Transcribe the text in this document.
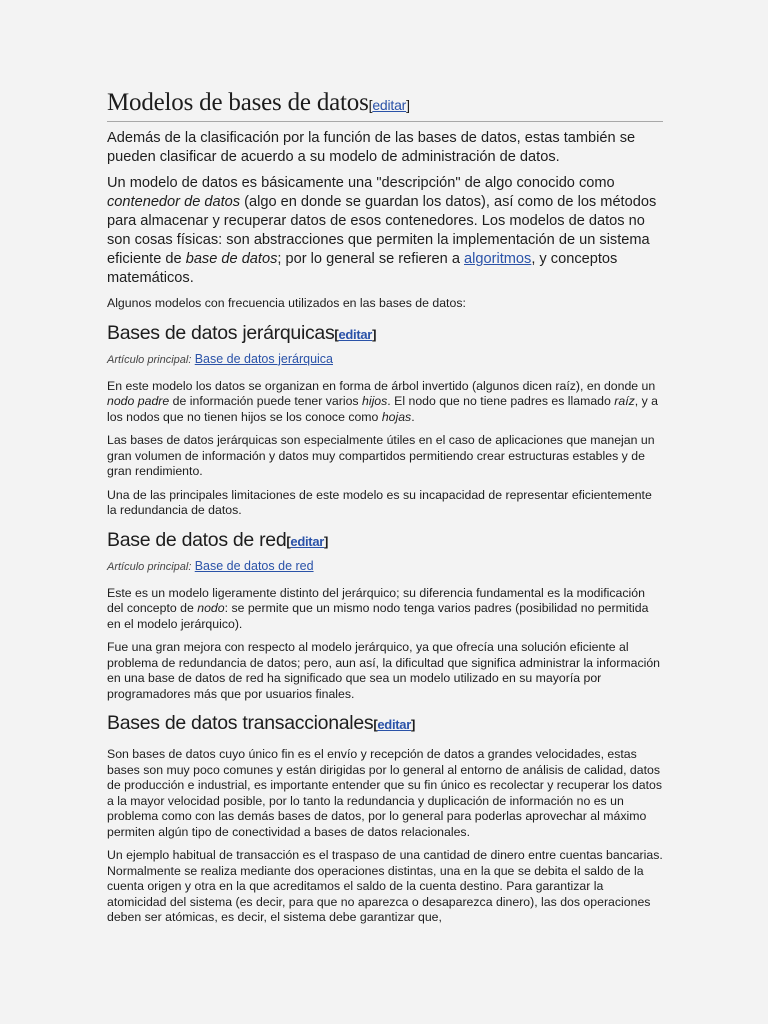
Modelos de bases de datos[editar]

Además de la clasificación por la función de las bases de datos, estas también se pueden clasificar de acuerdo a su modelo de administración de datos.

Un modelo de datos es básicamente una "descripción" de algo conocido como contenedor de datos (algo en donde se guardan los datos), así como de los métodos para almacenar y recuperar datos de esos contenedores. Los modelos de datos no son cosas físicas: son abstracciones que permiten la implementación de un sistema eficiente de base de datos; por lo general se refieren a algoritmos, y conceptos matemáticos.

Algunos modelos con frecuencia utilizados en las bases de datos:

Bases de datos jerárquicas[editar]

Artículo principal: Base de datos jerárquica

En este modelo los datos se organizan en forma de árbol invertido (algunos dicen raíz), en donde un nodo padre de información puede tener varios hijos. El nodo que no tiene padres es llamado raíz, y a los nodos que no tienen hijos se los conoce como hojas.

Las bases de datos jerárquicas son especialmente útiles en el caso de aplicaciones que manejan un gran volumen de información y datos muy compartidos permitiendo crear estructuras estables y de gran rendimiento.

Una de las principales limitaciones de este modelo es su incapacidad de representar eficientemente la redundancia de datos.

Base de datos de red[editar]

Artículo principal: Base de datos de red

Este es un modelo ligeramente distinto del jerárquico; su diferencia fundamental es la modificación del concepto de nodo: se permite que un mismo nodo tenga varios padres (posibilidad no permitida en el modelo jerárquico).

Fue una gran mejora con respecto al modelo jerárquico, ya que ofrecía una solución eficiente al problema de redundancia de datos; pero, aun así, la dificultad que significa administrar la información en una base de datos de red ha significado que sea un modelo utilizado en su mayoría por programadores más que por usuarios finales.

Bases de datos transaccionales[editar]

Son bases de datos cuyo único fin es el envío y recepción de datos a grandes velocidades, estas bases son muy poco comunes y están dirigidas por lo general al entorno de análisis de calidad, datos de producción e industrial, es importante entender que su fin único es recolectar y recuperar los datos a la mayor velocidad posible, por lo tanto la redundancia y duplicación de información no es un problema como con las demás bases de datos, por lo general para poderlas aprovechar al máximo permiten algún tipo de conectividad a bases de datos relacionales.

Un ejemplo habitual de transacción es el traspaso de una cantidad de dinero entre cuentas bancarias. Normalmente se realiza mediante dos operaciones distintas, una en la que se debita el saldo de la cuenta origen y otra en la que acreditamos el saldo de la cuenta destino. Para garantizar la atomicidad del sistema (es decir, para que no aparezca o desaparezca dinero), las dos operaciones deben ser atómicas, es decir, el sistema debe garantizar que,
